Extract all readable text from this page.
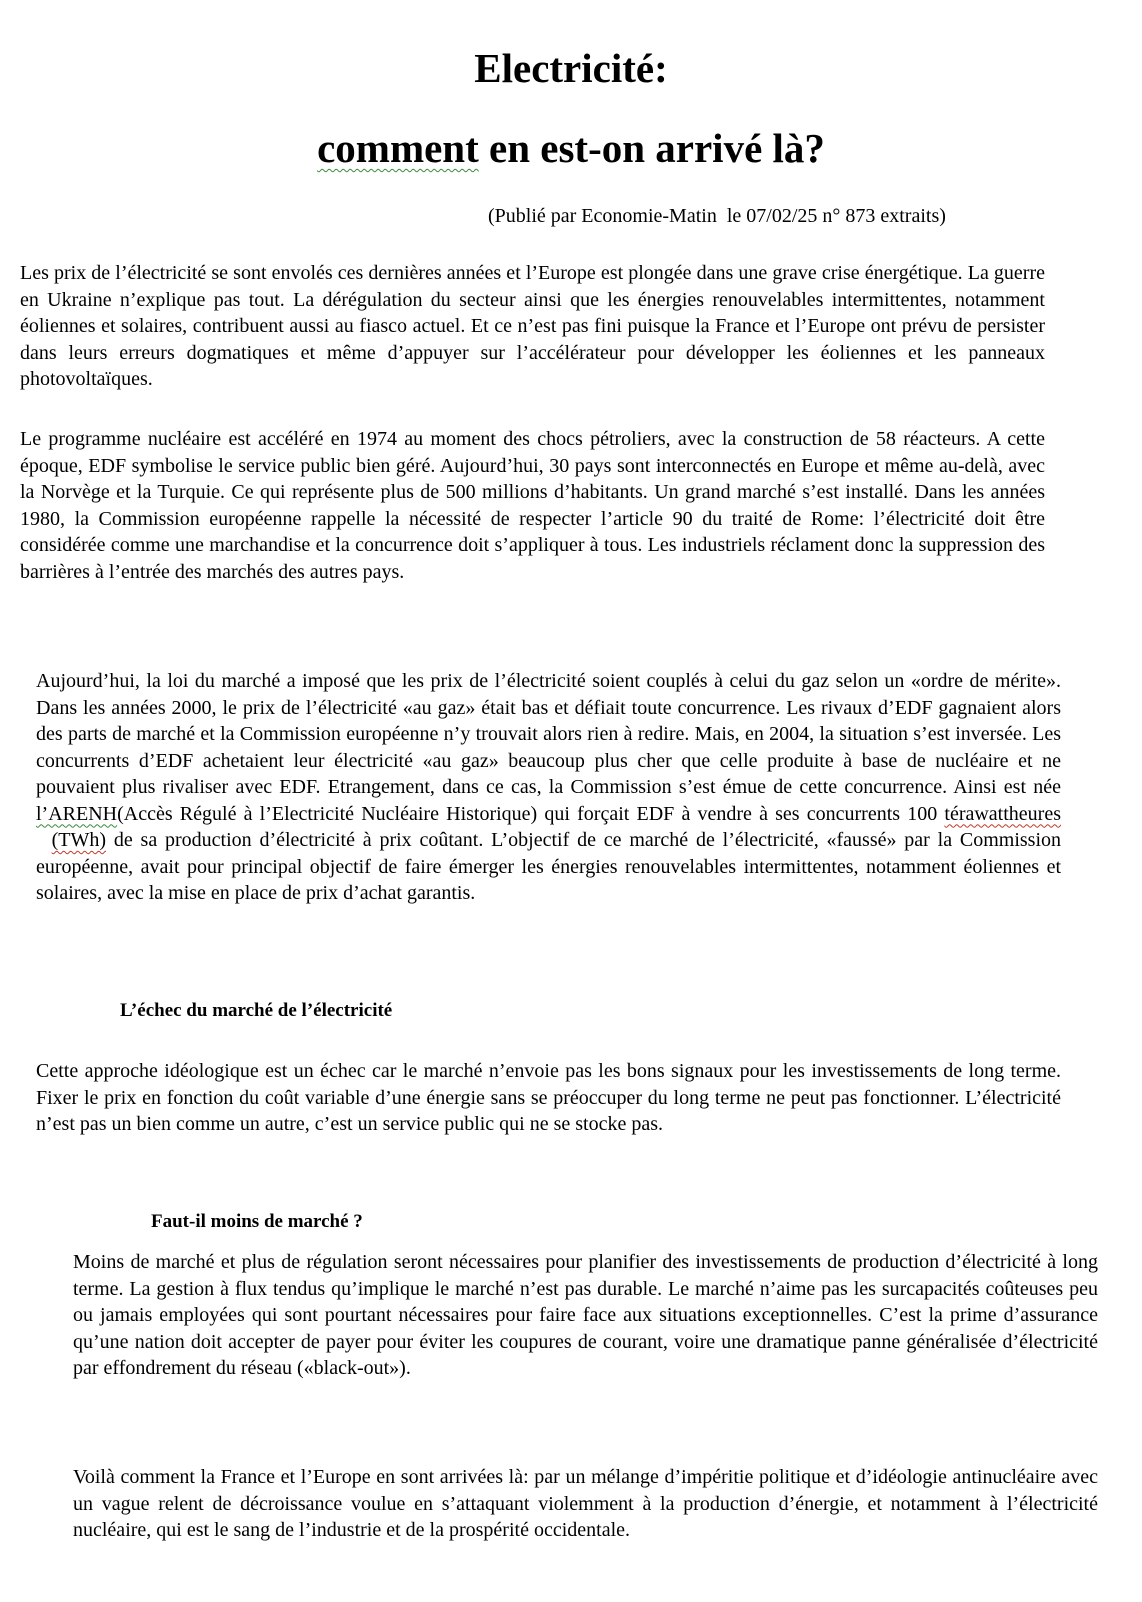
Electricité:
comment en est-on arrivé là?
(Publié par Economie-Matin  le 07/02/25 n° 873 extraits)

Les prix de l’électricité se sont envolés ces dernières années et l’Europe est plongée dans une grave crise énergétique. La guerre en Ukraine n’explique pas tout. La dérégulation du secteur ainsi que les énergies renouvelables intermittentes, notamment éoliennes et solaires, contribuent aussi au fiasco actuel. Et ce n’est pas fini puisque la France et l’Europe ont prévu de persister dans leurs erreurs dogmatiques et même d’appuyer sur l’accélérateur pour développer les éoliennes et les panneaux photovoltaïques.

Le programme nucléaire est accéléré en 1974 au moment des chocs pétroliers, avec la construction de 58 réacteurs. A cette époque, EDF symbolise le service public bien géré. Aujourd’hui, 30 pays sont interconnectés en Europe et même au-delà, avec la Norvège et la Turquie. Ce qui représente plus de 500 millions d’habitants. Un grand marché s’est installé. Dans les années 1980, la Commission européenne rappelle la nécessité de respecter l’article 90 du traité de Rome: l’électricité doit être considérée comme une marchandise et la concurrence doit s’appliquer à tous. Les industriels réclament donc la suppression des barrières à l’entrée des marchés des autres pays.

Aujourd’hui, la loi du marché a imposé que les prix de l’électricité soient couplés à celui du gaz selon un «ordre de mérite». Dans les années 2000, le prix de l’électricité «au gaz» était bas et défiait toute concurrence. Les rivaux d’EDF gagnaient alors des parts de marché et la Commission européenne n’y trouvait alors rien à redire. Mais, en 2004, la situation s’est inversée. Les concurrents d’EDF achetaient leur électricité «au gaz» beaucoup plus cher que celle produite à base de nucléaire et ne pouvaient plus rivaliser avec EDF. Etrangement, dans ce cas, la Commission s’est émue de cette concurrence. Ainsi est née l’ARENH(Accès Régulé à l’Electricité Nucléaire Historique) qui forçait EDF à vendre à ses concurrents 100 térawattheures  (TWh) de sa production d’électricité à prix coûtant. L’objectif de ce marché de l’électricité, «faussé» par la Commission européenne, avait pour principal objectif de faire émerger les énergies renouvelables intermittentes, notamment éoliennes et solaires, avec la mise en place de prix d’achat garantis.

L’échec du marché de l’électricité

Cette approche idéologique est un échec car le marché n’envoie pas les bons signaux pour les investissements de long terme. Fixer le prix en fonction du coût variable d’une énergie sans se préoccuper du long terme ne peut pas fonctionner. L’électricité n’est pas un bien comme un autre, c’est un service public qui ne se stocke pas.

Faut-il moins de marché ?

Moins de marché et plus de régulation seront nécessaires pour planifier des investissements de production d’électricité à long terme. La gestion à flux tendus qu’implique le marché n’est pas durable. Le marché n’aime pas les surcapacités coûteuses peu ou jamais employées qui sont pourtant nécessaires pour faire face aux situations exceptionnelles. C’est la prime d’assurance qu’une nation doit accepter de payer pour éviter les coupures de courant, voire une dramatique panne généralisée d’électricité par effondrement du réseau («black-out»).

Voilà comment la France et l’Europe en sont arrivées là: par un mélange d’impéritie politique et d’idéologie antinucléaire avec un vague relent de décroissance voulue en s’attaquant violemment à la production d’énergie, et notamment à l’électricité nucléaire, qui est le sang de l’industrie et de la prospérité occidentale.
